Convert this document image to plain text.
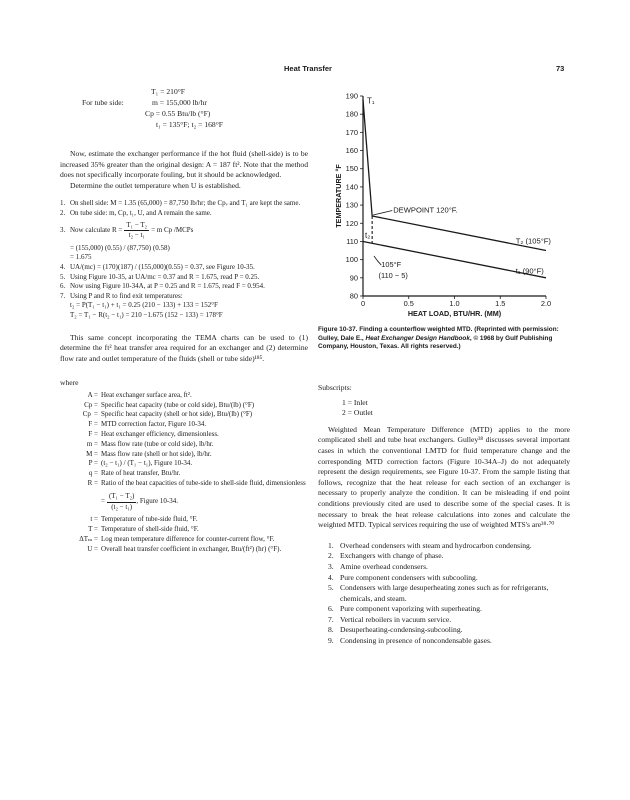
Heat Transfer	73
T₁ = 210°F
For tube side:	m = 155,000 lb/hr
Cp = 0.55 Btu/lb (°F)
t₁ = 135°F; t₂ = 168°F

Now, estimate the exchanger performance if the hot fluid (shell-side) is to be increased 35% greater than the original design: A = 187 ft². Note that the method does not specifically incorporate fouling, but it should be acknowledged.

Determine the outlet temperature when U is established.

1. On shell side: M = 1.35 (65,000) = 87,750 lb/hr; the Cpᵥ and T₁ are kept the same.
2. On tube side: m, Cp, t₁, U, and A remain the same.
3. Now calculate $R = \frac{\text{T₁ − T₂}}{\text{t₂ − t₁}} = m$ Cp /MCPs
= (155,000) (0.55) / (87,750) (0.58)
= 1.675
4. UA/(mc) = (170)(187) / (155,000)(0.55) = 0.37, see Figure 10-35.
5. Using Figure 10-35, at UA/mc = 0.37 and R = 1.675, read P = 0.25.
6. Now using Figure 10-34A, at P = 0.25 and R = 1.675, read F = 0.954.
7. Using P and R to find exit temperatures:
t₂ = P(T₁ − t₁) + t₁ = 0.25 (210 − 133) + 133 = 152°F
T₂ = T₁ − R(t₂ − t₁) = 210 −1.675 (152 − 133) = 178°F

This same concept incorporating the TEMA charts can be used to (1) determine the ft² heat transfer area required for an exchanger and (2) determine flow rate and outlet temperature of the fluids (shell or tube side)¹⁸⁵.

where
A = Heat exchanger surface area, ft².
Cp = Specific heat capacity (tube or cold side), Btu/(lb) (°F)
Cp  = Specific heat capacity (shell or hot side), Btu/(lb) (°F)
F = MTD correction factor, Figure 10-34.
F = Heat exchanger efficiency, dimensionless.
m = Mass flow rate (tube or cold side), lb/hr.
M = Mass flow rate (shell or hot side), lb/hr.
P = (t₂ − t₁) / (T₁ − t₁), Figure 10-34.
q = Rate of heat transfer, Btu/hr.
R = Ratio of the heat capacities of tube-side to shell-side fluid, dimensionless
= $\frac{\text{(T₁ − T₂)}}{\text{(t₂ − t₁)}}$ , Figure 10-34.
t = Temperature of tube-side fluid, °F.
T = Temperature of shell-side fluid, °F.
ΔTₘ = Log mean temperature difference for counter-current flow, °F.
U = Overall heat transfer coefficient in exchanger, Btu/(ft²) (hr) (°F).
80
90
100
110
120
130
140
150
160
170
180
190
0	0.5	1.0	1.5	2.0
HEAT LOAD, BTU/HR. (MM)
TEMPERATURE °F
T₁
t₂
T₂ (105°F)
t₁ (90°F)
DEWPOINT 120°F.
105°F
(110 − 5)
Figure 10-37. Finding a counterflow weighted MTD. (Reprinted with permission: Gulley, Dale E., Heat Exchanger Design Handbook, © 1968 by Gulf Publishing Company, Houston, Texas. All rights reserved.)
Subscripts:
1 = Inlet
2 = Outlet

Weighted Mean Temperature Difference (MTD) applies to the more complicated shell and tube heat exchangers. Gulley³⁸ discusses several important cases in which the conventional LMTD for fluid temperature change and the corresponding MTD correction factors (Figure 10-34A–J) do not adequately represent the design requirements, see Figure 10-37. From the sample listing that follows, recognize that the heat release for each section of an exchanger is necessary to properly analyze the condition. It can be misleading if end point conditions previously cited are used to describe some of the special cases. It is necessary to break the heat release calculations into zones and calculate the weighted MTD. Typical services requiring the use of weighted MTS's are³⁸·⁷⁰

1. Overhead condensers with steam and hydrocarbon condensing.
2. Exchangers with change of phase.
3. Amine overhead condensers.
4. Pure component condensers with subcooling.
5. Condensers with large desuperheating zones such as for refrigerants, chemicals, and steam.
6. Pure component vaporizing with superheating.
7. Vertical reboilers in vacuum service.
8. Desuperheating-condensing-subcooling.
9. Condensing in presence of noncondensable gases.
